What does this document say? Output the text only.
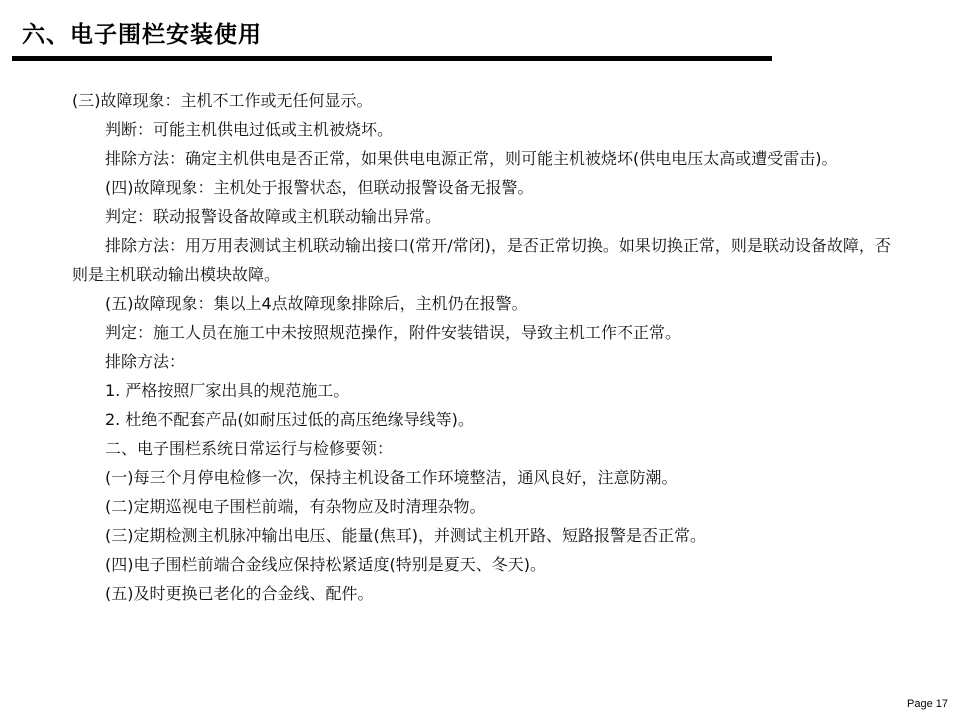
六、电子围栏安装使用

(三)故障现象：主机不工作或无任何显示。

判断：可能主机供电过低或主机被烧坏。

排除方法：确定主机供电是否正常，如果供电电源正常，则可能主机被烧坏(供电电压太高或遭受雷击)。

(四)故障现象：主机处于报警状态，但联动报警设备无报警。

判定：联动报警设备故障或主机联动输出异常。

排除方法：用万用表测试主机联动输出接口(常开/常闭)，是否正常切换。如果切换正常，则是联动设备故障，否则是主机联动输出模块故障。

(五)故障现象：集以上4点故障现象排除后，主机仍在报警。

判定：施工人员在施工中未按照规范操作，附件安装错误，导致主机工作不正常。

排除方法：

1. 严格按照厂家出具的规范施工。

2. 杜绝不配套产品(如耐压过低的高压绝缘导线等)。

二、电子围栏系统日常运行与检修要领：

(一)每三个月停电检修一次，保持主机设备工作环境整洁，通风良好，注意防潮。

(二)定期巡视电子围栏前端，有杂物应及时清理杂物。

(三)定期检测主机脉冲输出电压、能量(焦耳)，并测试主机开路、短路报警是否正常。

(四)电子围栏前端合金线应保持松紧适度(特别是夏天、冬天)。

(五)及时更换已老化的合金线、配件。

Page 17
